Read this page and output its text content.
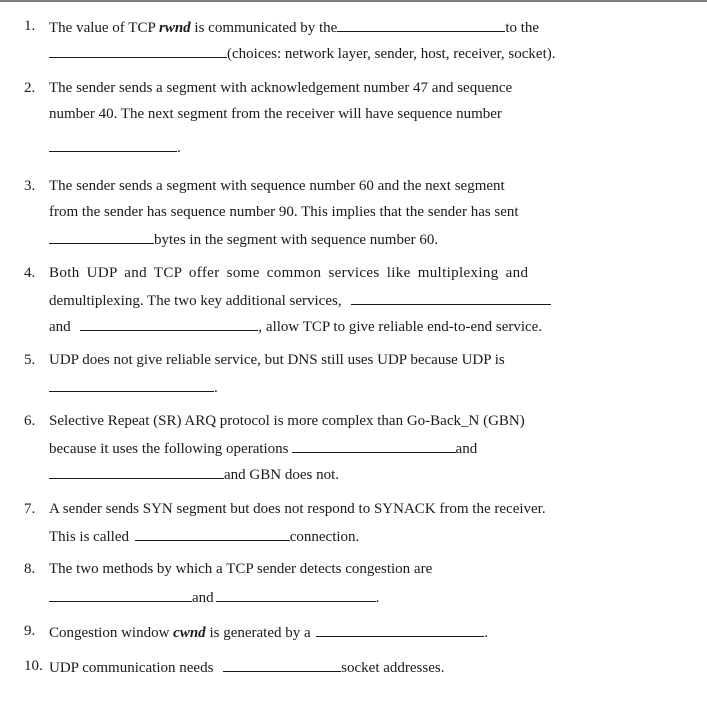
1. The value of TCP rwnd is communicated by the	to the
(choices: network layer, sender, host, receiver, socket).
2. The sender sends a segment with acknowledgement number 47 and sequence
number 40. The next segment from the receiver will have sequence number
.
3. The sender sends a segment with sequence number 60 and the next segment
from the sender has sequence number 90. This implies that the sender has sent
bytes in the segment with sequence number 60.
4. Both UDP and TCP offer some common services like multiplexing and
demultiplexing. The two key additional services,
and	, allow TCP to give reliable end-to-end service.
5. UDP does not give reliable service, but DNS still uses UDP because UDP is
.
6. Selective Repeat (SR) ARQ protocol is more complex than Go-Back_N (GBN)
because it uses the following operations	and
and GBN does not.
7. A sender sends SYN segment but does not respond to SYNACK from the receiver.
This is called	connection.
8. The two methods by which a TCP sender detects congestion are
and	.
9. Congestion window cwnd is generated by a	.
10. UDP communication needs	socket addresses.
